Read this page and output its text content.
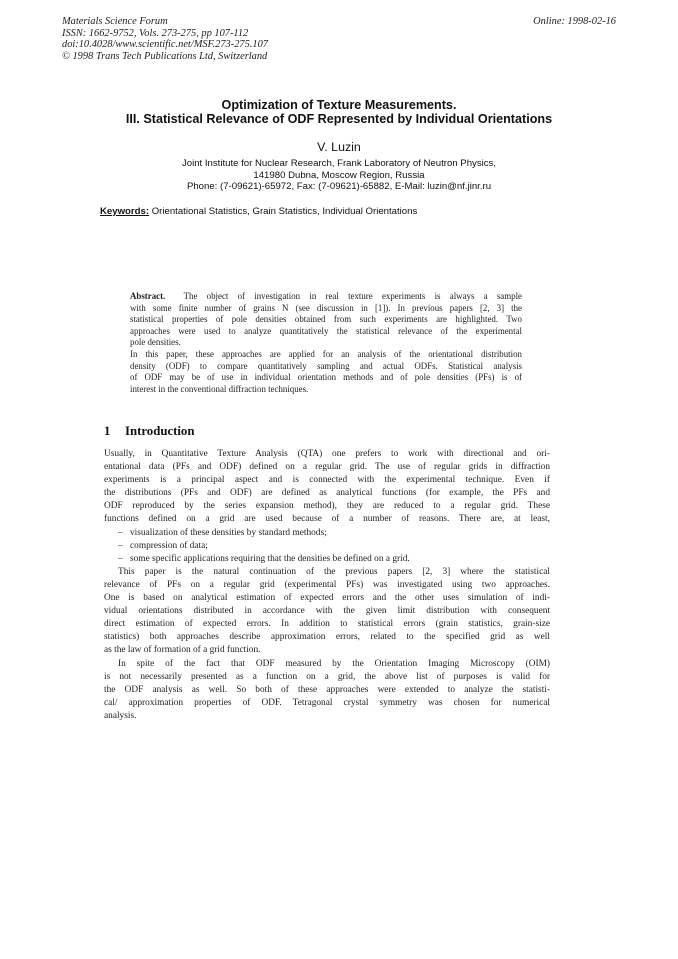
Materials Science Forum
ISSN: 1662-9752, Vols. 273-275, pp 107-112
doi:10.4028/www.scientific.net/MSF.273-275.107
© 1998 Trans Tech Publications Ltd, Switzerland
Online: 1998-02-16
Optimization of Texture Measurements.
III. Statistical Relevance of ODF Represented by Individual Orientations
V. Luzin
Joint Institute for Nuclear Research, Frank Laboratory of Neutron Physics,
141980 Dubna, Moscow Region, Russia
Phone: (7-09621)-65972, Fax: (7-09621)-65882, E-Mail: luzin@nf.jinr.ru
Keywords: Orientational Statistics, Grain Statistics, Individual Orientations
Abstract. The object of investigation in real texture experiments is always a sample
with some finite number of grains N (see discussion in [1]). In previous papers [2, 3] the
statistical properties of pole densities obtained from such experiments are highlighted. Two
approaches were used to analyze quantitatively the statistical relevance of the experimental
pole densities.
In this paper, these approaches are applied for an analysis of the orientational distribution
density (ODF) to compare quantitatively sampling and actual ODFs. Statistical analysis
of ODF may be of use in individual orientation methods and of pole densities (PFs) is of
interest in the conventional diffraction techniques.
1 Introduction
Usually, in Quantitative Texture Analysis (QTA) one prefers to work with directional and ori-
entational data (PFs and ODF) defined on a regular grid. The use of regular grids in diffraction
experiments is a principal aspect and is connected with the experimental technique. Even if
the distributions (PFs and ODF) are defined as analytical functions (for example, the PFs and
ODF reproduced by the series expansion method), they are reduced to a regular grid. These
functions defined on a grid are used because of a number of reasons. There are, at least,
– visualization of these densities by standard methods;
– compression of data;
– some specific applications requiring that the densities be defined on a grid.
This paper is the natural continuation of the previous papers [2, 3] where the statistical
relevance of PFs on a regular grid (experimental PFs) was investigated using two approaches.
One is based on analytical estimation of expected errors and the other uses simulation of indi-
vidual orientations distributed in accordance with the given limit distribution with consequent
direct estimation of expected errors. In addition to statistical errors (grain statistics, grain-size
statistics) both approaches describe approximation errors, related to the specified grid as well
as the law of formation of a grid function.
In spite of the fact that ODF measured by the Orientation Imaging Microscopy (OIM)
is not necessarily presented as a function on a grid, the above list of purposes is valid for
the ODF analysis as well. So both of these approaches were extended to analyze the statisti-
cal/ approximation properties of ODF. Tetragonal crystal symmetry was chosen for numerical
analysis.
